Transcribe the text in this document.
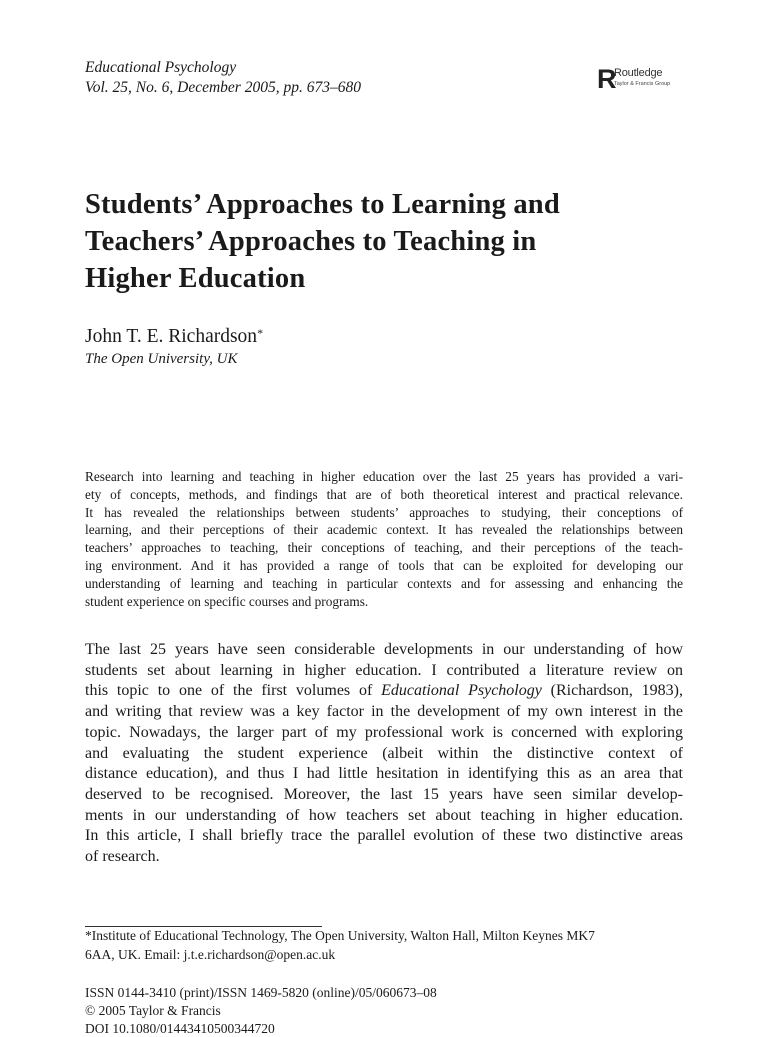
Educational Psychology
Vol. 25, No. 6, December 2005, pp. 673–680	R
Routledge
Taylor & Francis Group
Students’ Approaches to Learning and
Teachers’ Approaches to Teaching in
Higher Education
John T. E. Richardson*
The Open University, UK

Research into learning and teaching in higher education over the last 25 years has provided a vari-

ety of concepts, methods, and findings that are of both theoretical interest and practical relevance.

It has revealed the relationships between students’ approaches to studying, their conceptions of

learning, and their perceptions of their academic context. It has revealed the relationships between

teachers’ approaches to teaching, their conceptions of teaching, and their perceptions of the teach-

ing environment. And it has provided a range of tools that can be exploited for developing our

understanding of learning and teaching in particular contexts and for assessing and enhancing the

student experience on specific courses and programs.

The last 25 years have seen considerable developments in our understanding of how

students set about learning in higher education. I contributed a literature review on

this topic to one of the first volumes of Educational Psychology (Richardson, 1983),

and writing that review was a key factor in the development of my own interest in the

topic. Nowadays, the larger part of my professional work is concerned with exploring

and evaluating the student experience (albeit within the distinctive context of

distance education), and thus I had little hesitation in identifying this as an area that

deserved to be recognised. Moreover, the last 15 years have seen similar develop-

ments in our understanding of how teachers set about teaching in higher education.

In this article, I shall briefly trace the parallel evolution of these two distinctive areas

of research.

*Institute of Educational Technology, The Open University, Walton Hall, Milton Keynes MK7
6AA, UK. Email: j.t.e.richardson@open.ac.uk
ISSN 0144-3410 (print)/ISSN 1469-5820 (online)/05/060673–08
© 2005 Taylor & Francis
DOI 10.1080/01443410500344720
